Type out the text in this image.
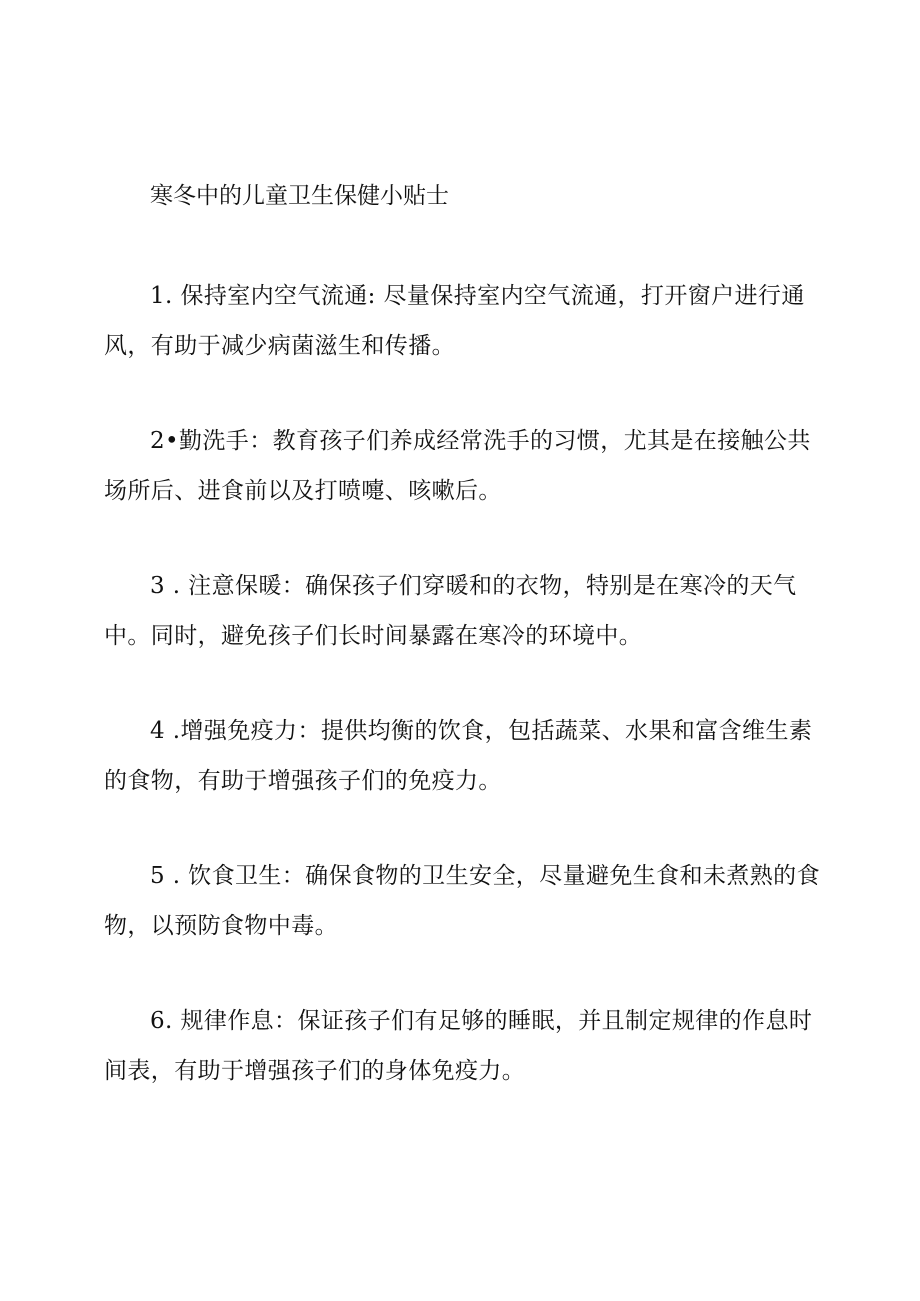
寒冬中的儿童卫生保健小贴士

1. 保持室内空气流通: 尽量保持室内空气流通，打开窗户进行通风，有助于减少病菌滋生和传播。

2•勤洗手：教育孩子们养成经常洗手的习惯，尤其是在接触公共场所后、进食前以及打喷嚏、咳嗽后。

3 . 注意保暖：确保孩子们穿暖和的衣物，特别是在寒冷的天气中。同时，避免孩子们长时间暴露在寒冷的环境中。

4 .增强免疫力：提供均衡的饮食，包括蔬菜、水果和富含维生素的食物，有助于增强孩子们的免疫力。

5 . 饮食卫生：确保食物的卫生安全，尽量避免生食和未煮熟的食物，以预防食物中毒。

6. 规律作息：保证孩子们有足够的睡眠，并且制定规律的作息时间表，有助于增强孩子们的身体免疫力。
